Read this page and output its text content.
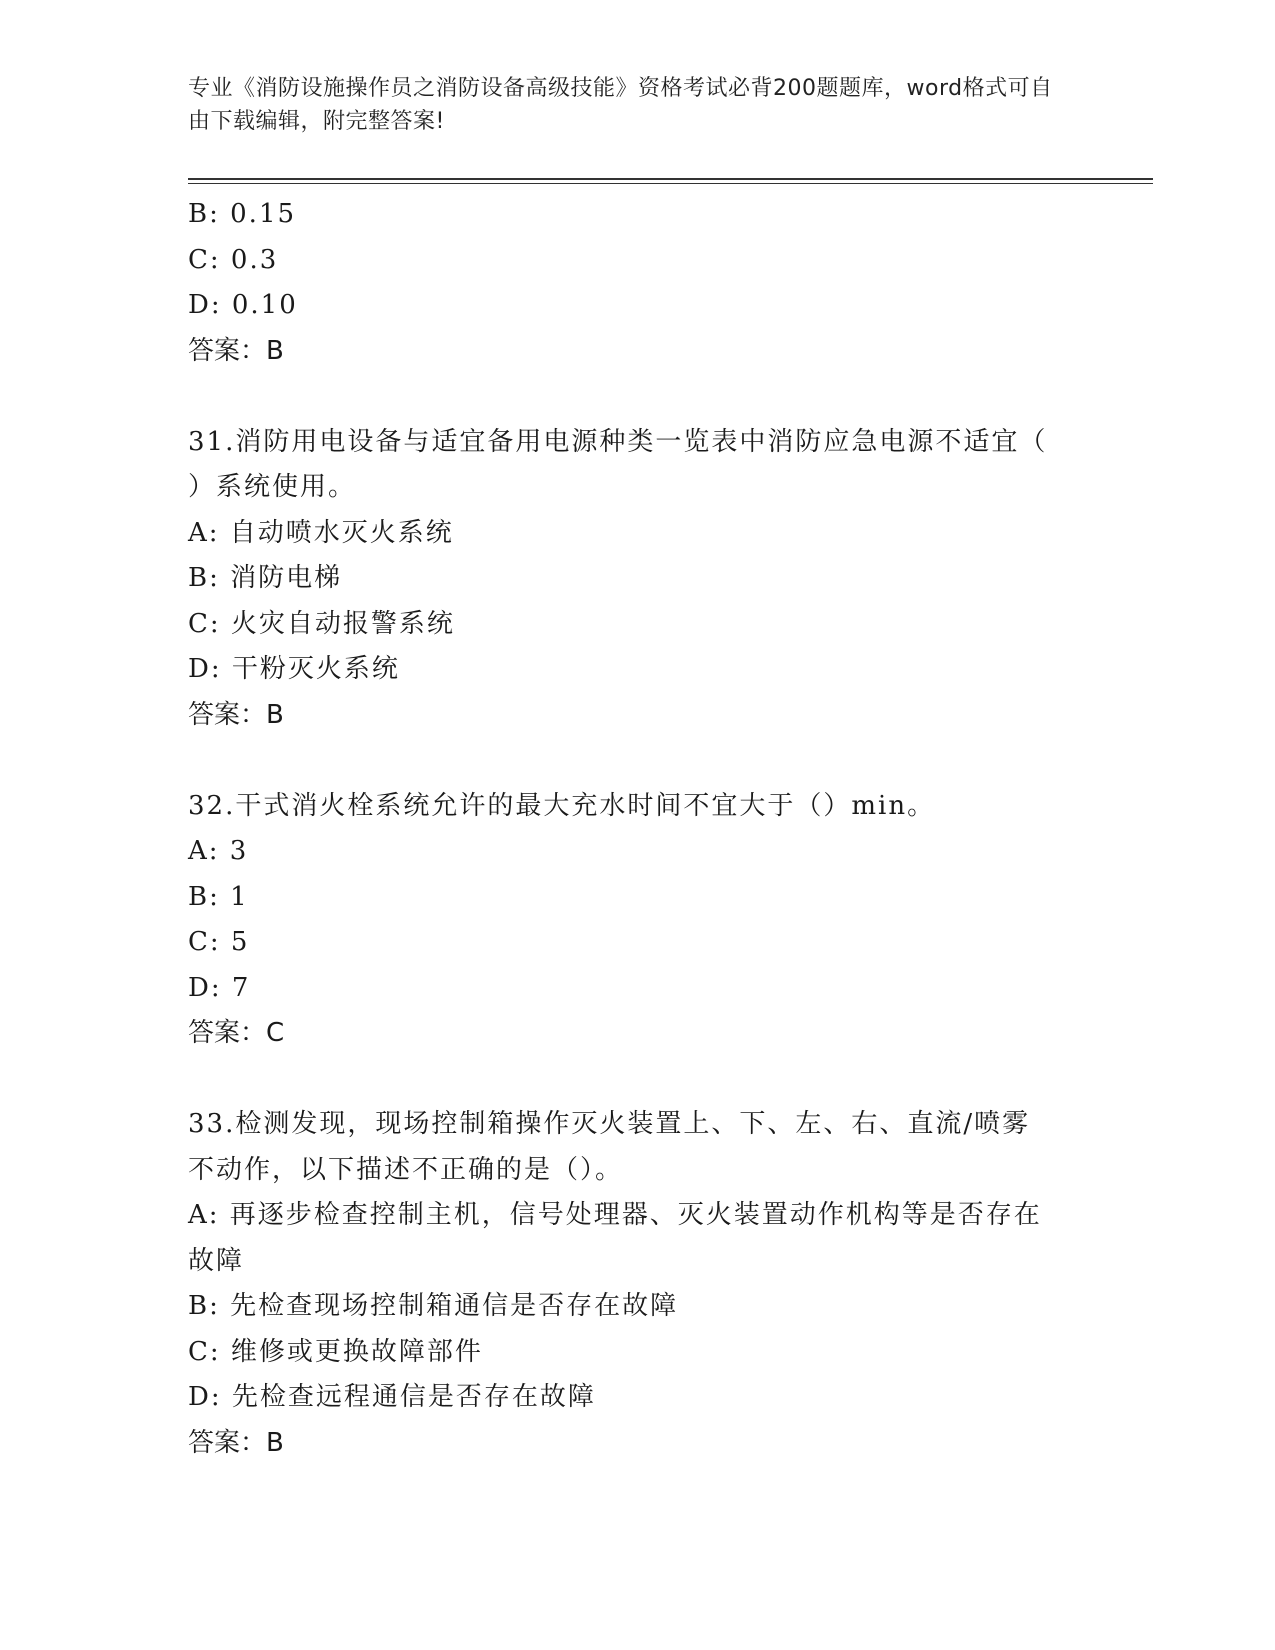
专业《消防设施操作员之消防设备高级技能》资格考试必背200题题库，word格式可自由下载编辑，附完整答案!
B: 0.15
C: 0.3
D: 0.10
答案：B
31.消防用电设备与适宜备用电源种类一览表中消防应急电源不适宜（
）系统使用。
A: 自动喷水灭火系统
B: 消防电梯
C: 火灾自动报警系统
D: 干粉灭火系统
答案：B
32.干式消火栓系统允许的最大充水时间不宜大于（）min。
A: 3
B: 1
C: 5
D: 7
答案：C
33.检测发现，现场控制箱操作灭火装置上、下、左、右、直流/喷雾
不动作，以下描述不正确的是（）。
A: 再逐步检查控制主机，信号处理器、灭火装置动作机构等是否存在
故障
B: 先检查现场控制箱通信是否存在故障
C: 维修或更换故障部件
D: 先检查远程通信是否存在故障
答案：B
